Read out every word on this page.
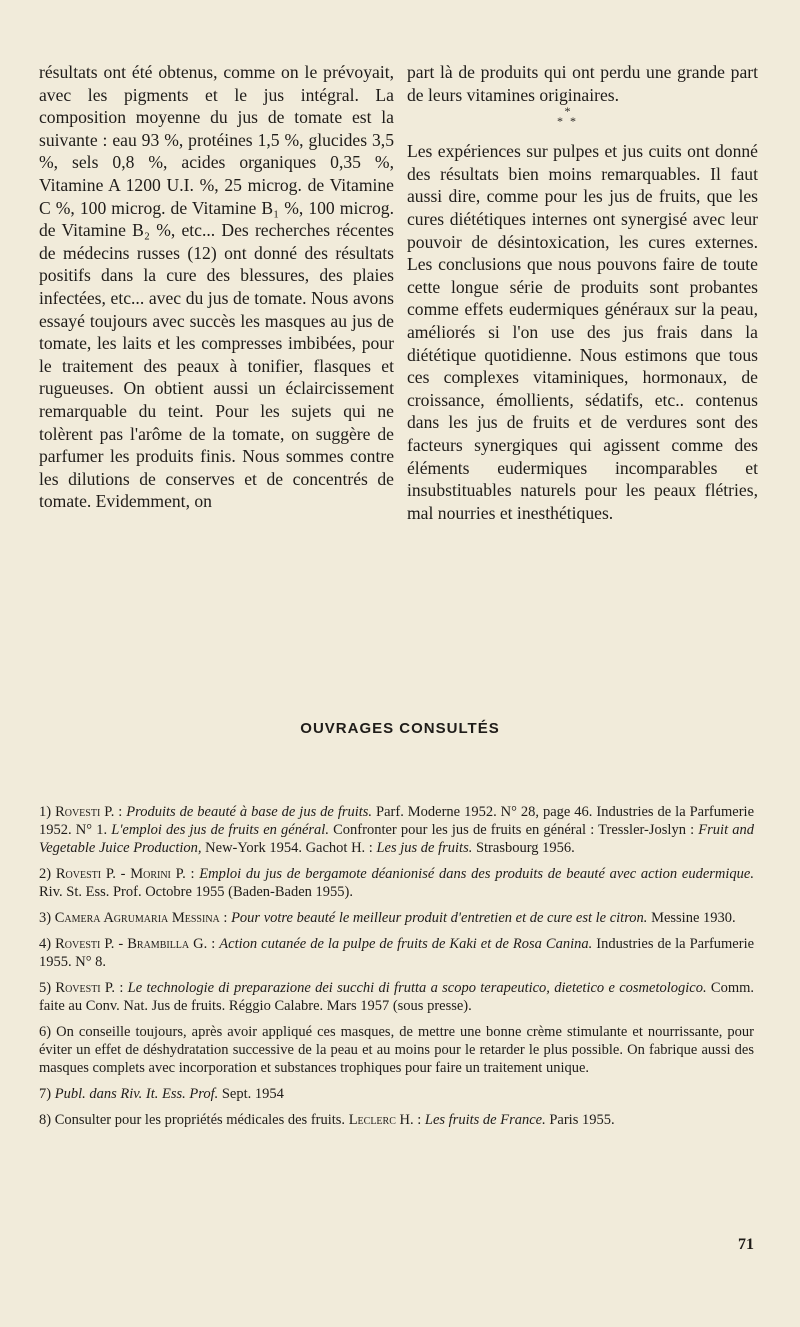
résultats ont été obtenus, comme on le prévoyait, avec les pigments et le jus intégral. La composition moyenne du jus de tomate est la suivante : eau 93 %, protéines 1,5 %, glucides 3,5 %, sels 0,8 %, acides organiques 0,35 %, Vitamine A 1200 U.I. %, 25 microg. de Vitamine C %, 100 microg. de Vitamine B₁ %, 100 microg. de Vitamine B₂ %, etc... Des recherches récentes de médecins russes (12) ont donné des résultats positifs dans la cure des blessures, des plaies infectées, etc... avec du jus de tomate. Nous avons essayé toujours avec succès les masques au jus de tomate, les laits et les compresses imbibées, pour le traitement des peaux à tonifier, flasques et rugueuses. On obtient aussi un éclaircissement remarquable du teint. Pour les sujets qui ne tolèrent pas l'arôme de la tomate, on suggère de parfumer les produits finis. Nous sommes contre les dilutions de conserves et de concentrés de tomate. Evidemment, on

part là de produits qui ont perdu une grande part de leurs vitamines originaires.

*
* *

Les expériences sur pulpes et jus cuits ont donné des résultats bien moins remarquables. Il faut aussi dire, comme pour les jus de fruits, que les cures diététiques internes ont synergisé avec leur pouvoir de désintoxication, les cures externes. Les conclusions que nous pouvons faire de toute cette longue série de produits sont probantes comme effets eudermiques généraux sur la peau, améliorés si l'on use des jus frais dans la diététique quotidienne. Nous estimons que tous ces complexes vitaminiques, hormonaux, de croissance, émollients, sédatifs, etc.. contenus dans les jus de fruits et de verdures sont des facteurs synergiques qui agissent comme des éléments eudermiques incomparables et insubstituables naturels pour les peaux flétries, mal nourries et inesthétiques.

OUVRAGES CONSULTÉS

1) Rovesti P. : Produits de beauté à base de jus de fruits. Parf. Moderne 1952. N° 28, page 46. Industries de la Parfumerie 1952. N° 1. L'emploi des jus de fruits en général. Confronter pour les jus de fruits en général : Tressler-Joslyn : Fruit and Vegetable Juice Production, New-York 1954. Gachot H. : Les jus de fruits. Strasbourg 1956.

2) Rovesti P. - Morini P. : Emploi du jus de bergamote déanionisé dans des produits de beauté avec action eudermique. Riv. St. Ess. Prof. Octobre 1955 (Baden-Baden 1955).

3) Camera Agrumaria Messina : Pour votre beauté le meilleur produit d'entretien et de cure est le citron. Messine 1930.

4) Rovesti P. - Brambilla G. : Action cutanée de la pulpe de fruits de Kaki et de Rosa Canina. Industries de la Parfumerie 1955. N° 8.

5) Rovesti P. : Le technologie di preparazione dei succhi di frutta a scopo terapeutico, dietetico e cosmetologico. Comm. faite au Conv. Nat. Jus de fruits. Réggio Calabre. Mars 1957 (sous presse).

6) On conseille toujours, après avoir appliqué ces masques, de mettre une bonne crème stimulante et nourrissante, pour éviter un effet de déshydratation successive de la peau et au moins pour le retarder le plus possible. On fabrique aussi des masques complets avec incorporation et substances trophiques pour faire un traitement unique.

7) Publ. dans Riv. It. Ess. Prof. Sept. 1954

8) Consulter pour les propriétés médicales des fruits. Leclerc H. : Les fruits de France. Paris 1955.

71
